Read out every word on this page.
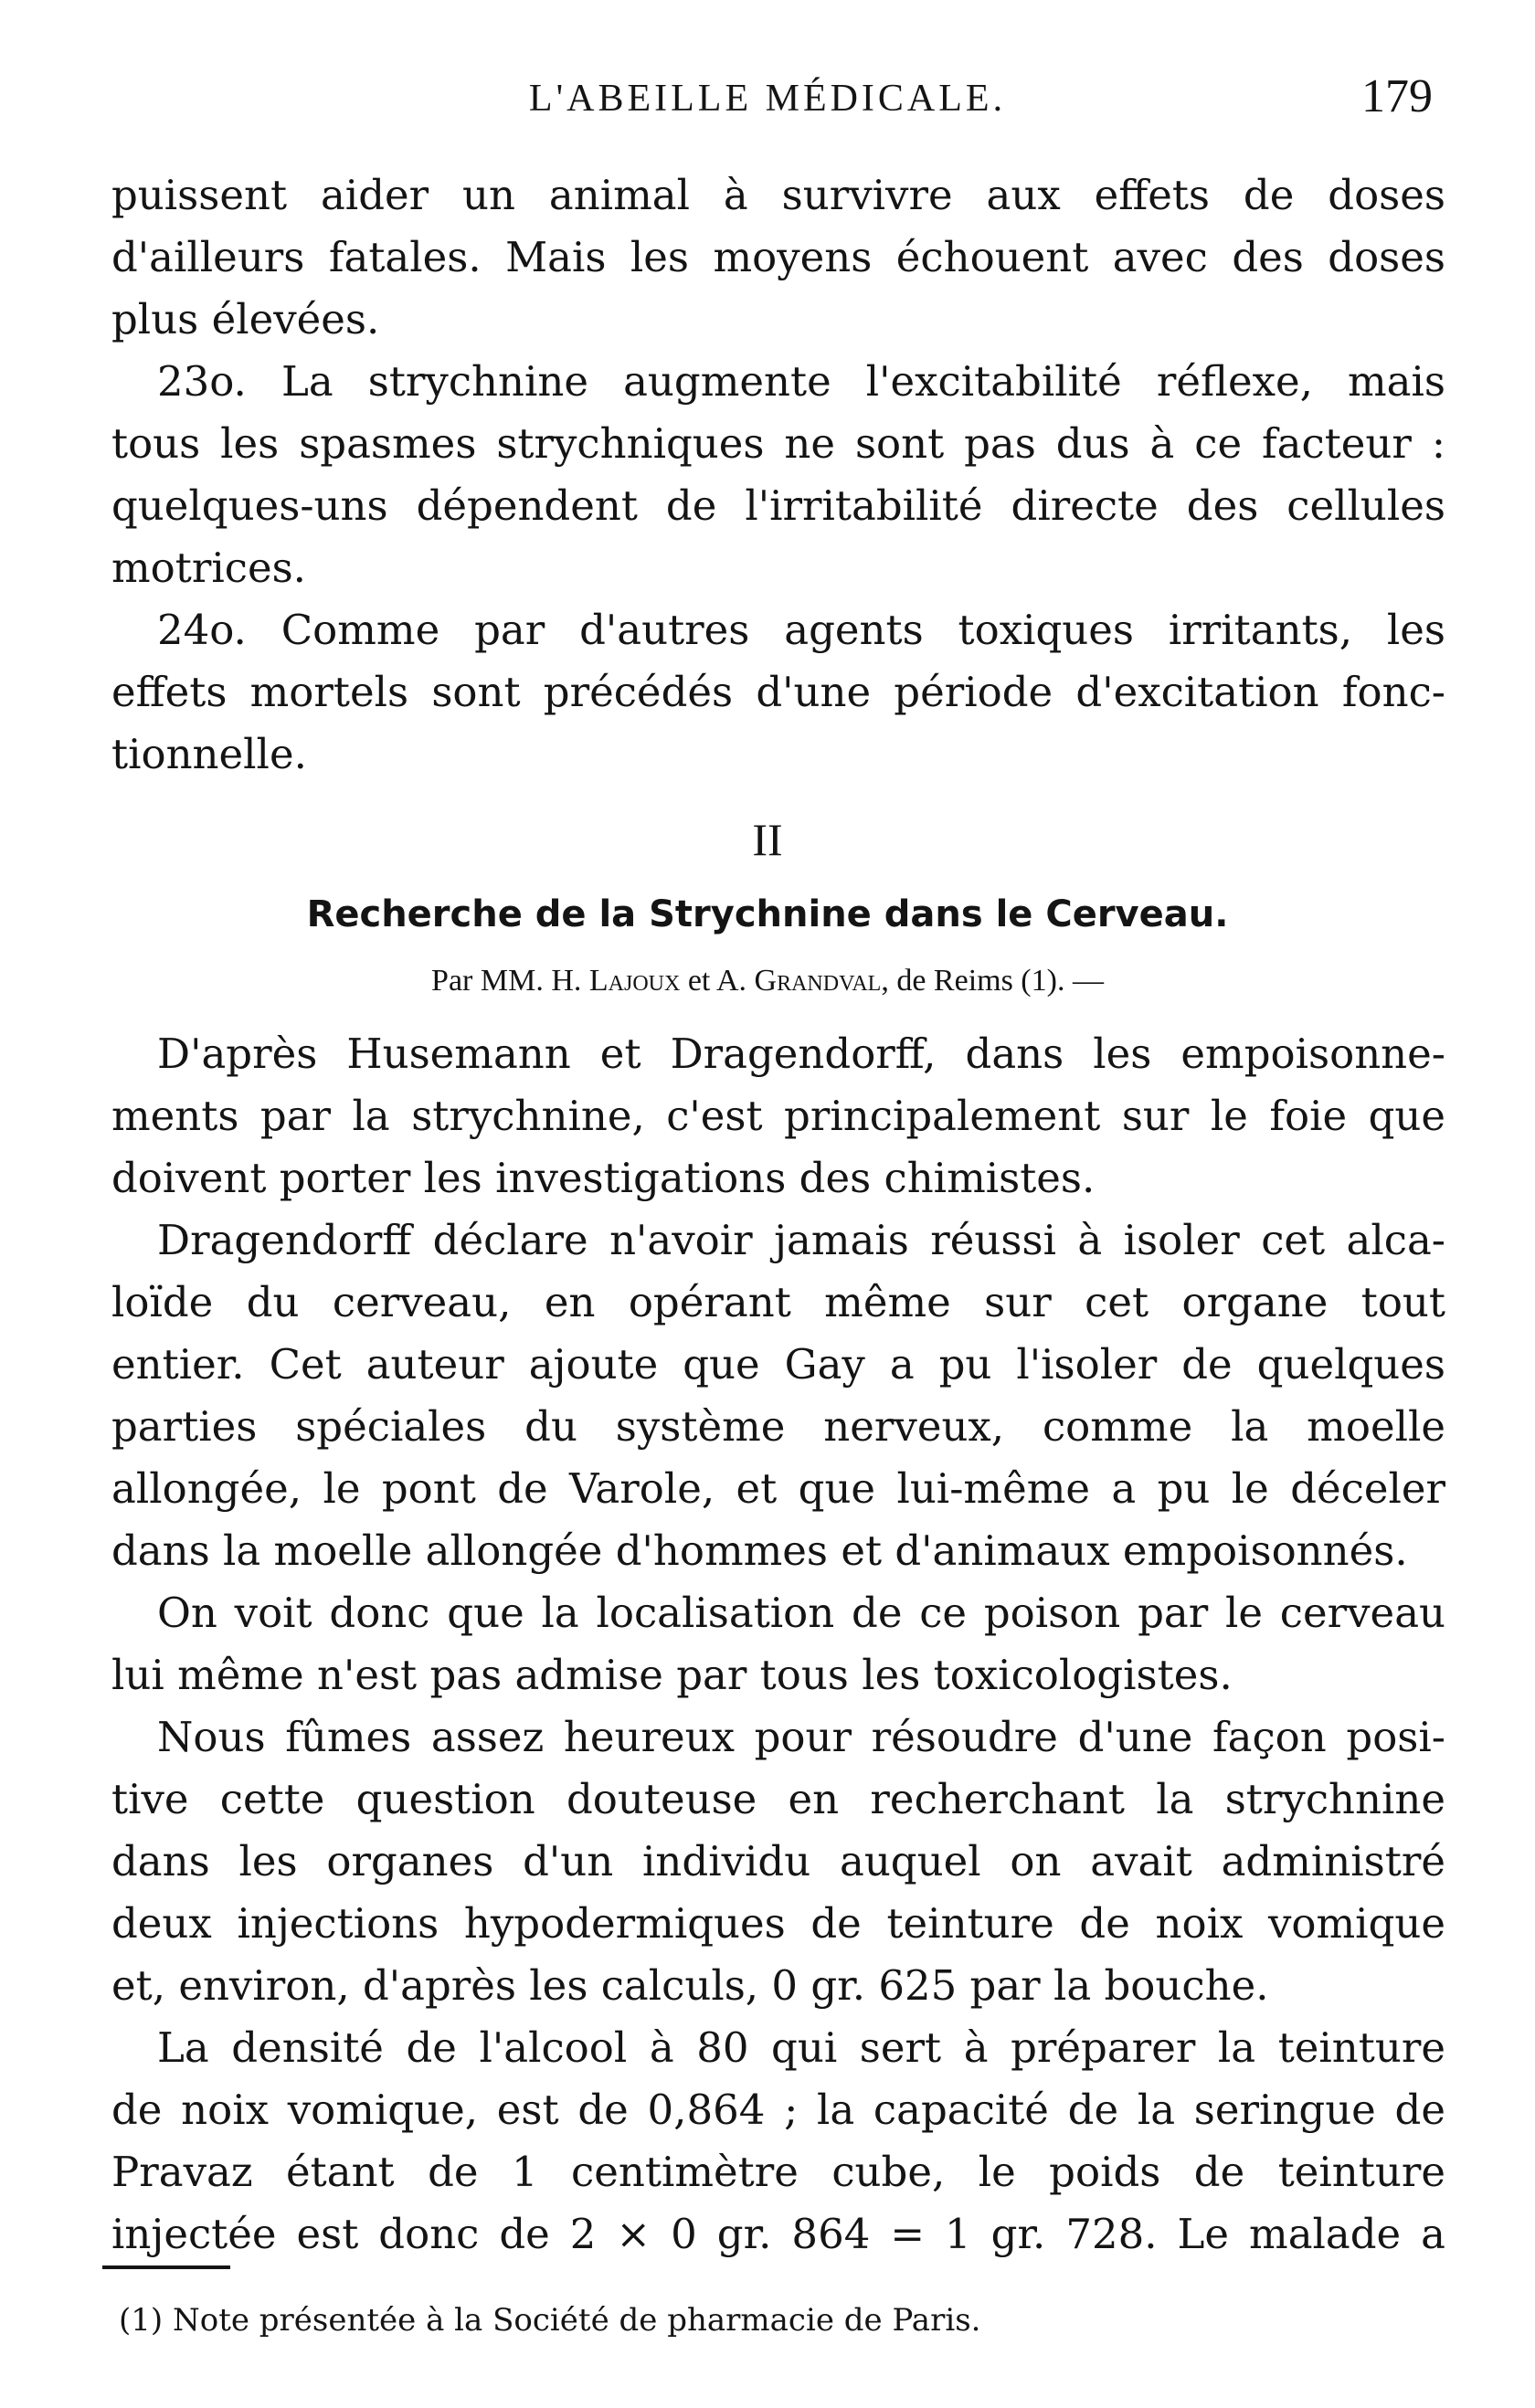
L'ABEILLE MÉDICALE.	179
puissent aider un animal à survivre aux effets de doses
d'ailleurs fatales. Mais les moyens échouent avec des doses
plus élevées.
23o. La strychnine augmente l'excitabilité réflexe, mais
tous les spasmes strychniques ne sont pas dus à ce facteur :
quelques-uns dépendent de l'irritabilité directe des cellules
motrices.
24o. Comme par d'autres agents toxiques irritants, les
effets mortels sont précédés d'une période d'excitation fonc-
tionnelle.
II
Recherche de la Strychnine dans le Cerveau.
Par MM. H. Lajoux et A. Grandval, de Reims (1). —
D'après Husemann et Dragendorff, dans les empoisonne-
ments par la strychnine, c'est principalement sur le foie que
doivent porter les investigations des chimistes.
Dragendorff déclare n'avoir jamais réussi à isoler cet alca-
loïde du cerveau, en opérant même sur cet organe tout
entier. Cet auteur ajoute que Gay a pu l'isoler de quelques
parties spéciales du système nerveux, comme la moelle
allongée, le pont de Varole, et que lui-même a pu le déceler
dans la moelle allongée d'hommes et d'animaux empoisonnés.
On voit donc que la localisation de ce poison par le cerveau
lui même n'est pas admise par tous les toxicologistes.
Nous fûmes assez heureux pour résoudre d'une façon posi-
tive cette question douteuse en recherchant la strychnine
dans les organes d'un individu auquel on avait administré
deux injections hypodermiques de teinture de noix vomique
et, environ, d'après les calculs, 0 gr. 625 par la bouche.
La densité de l'alcool à 80 qui sert à préparer la teinture
de noix vomique, est de 0,864 ; la capacité de la seringue de
Pravaz étant de 1 centimètre cube, le poids de teinture
injectée est donc de 2 × 0 gr. 864 = 1 gr. 728. Le malade a
(1) Note présentée à la Société de pharmacie de Paris.
